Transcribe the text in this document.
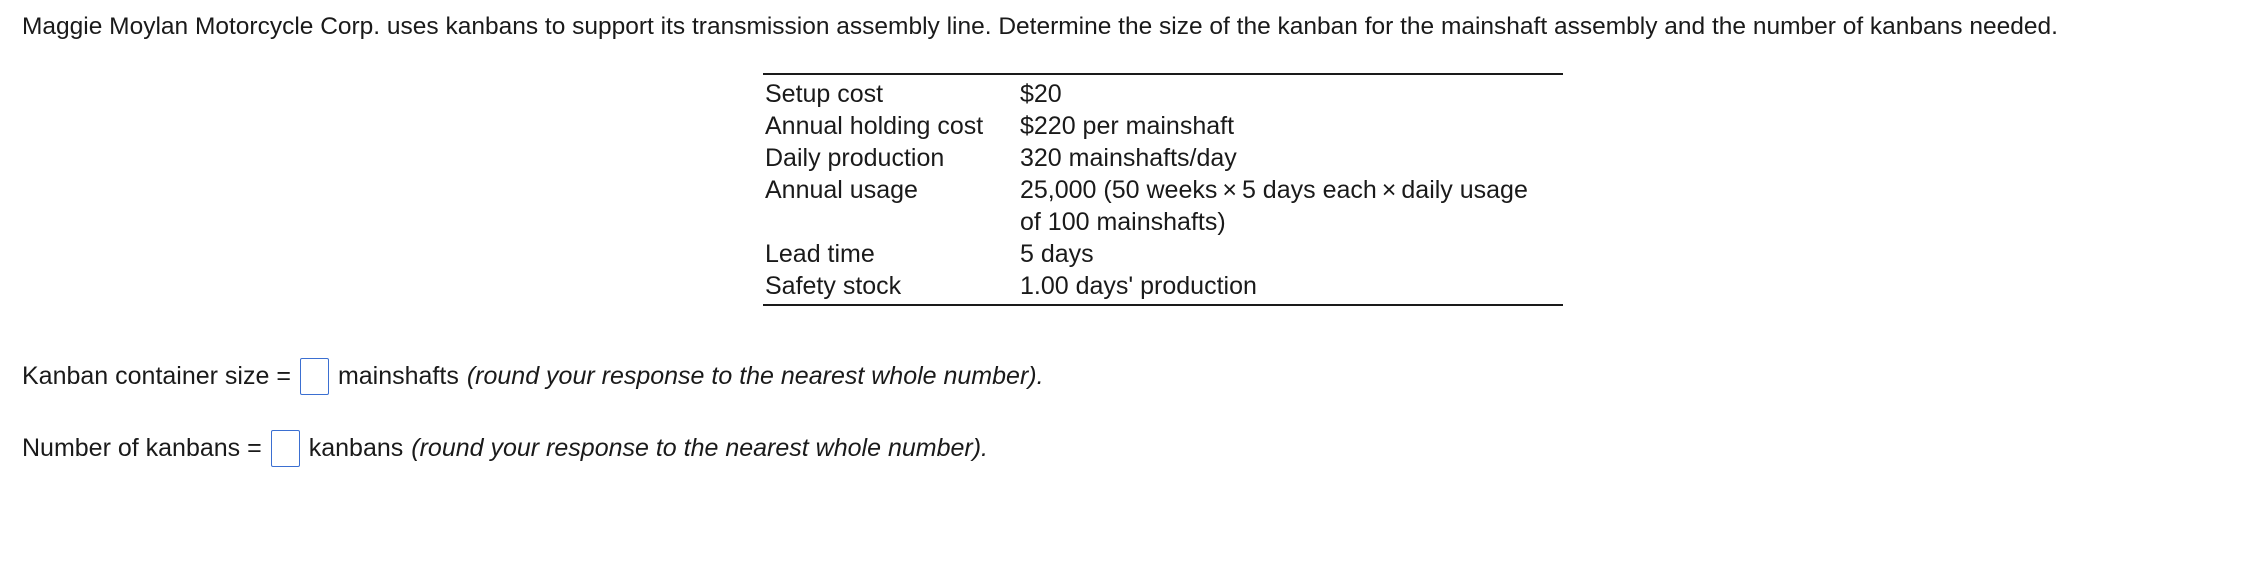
Maggie Moylan Motorcycle Corp. uses kanbans to support its transmission assembly line. Determine the size of the kanban for the mainshaft assembly and the number of kanbans needed.
Setup cost	$20
Annual holding cost	$220 per mainshaft
Daily production	320 mainshafts/day
Annual usage	25,000 (50 weeks × 5 days each × daily usage
of 100 mainshafts)

Lead time	5 days
Safety stock	1.00 days' production
Kanban container size = mainshafts (round your response to the nearest whole number).
Number of kanbans = kanbans (round your response to the nearest whole number).
